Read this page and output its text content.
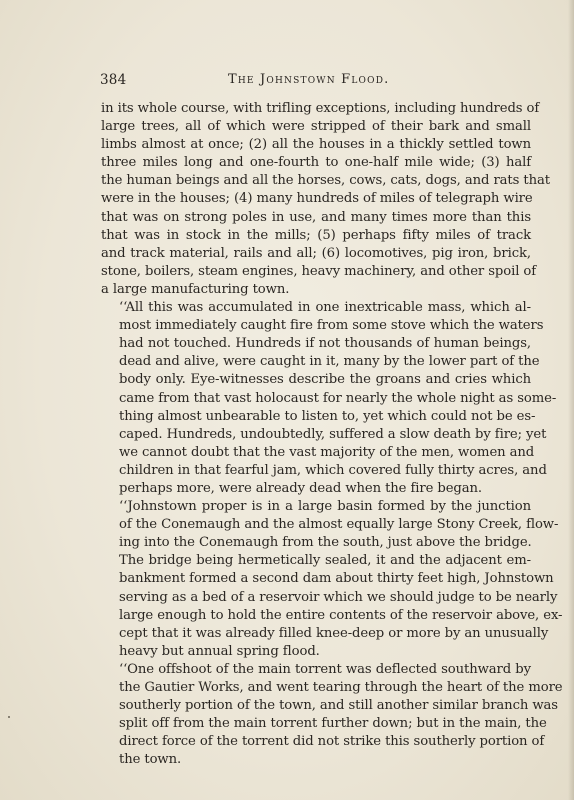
384	The Johnstown Flood.
in its whole course, with trifling exceptions, including hundreds of
large trees, all of which were stripped of their bark and small
limbs almost at once; (2) all the houses in a thickly settled town
three miles long and one-fourth to one-half mile wide; (3) half
the human beings and all the horses, cows, cats, dogs, and rats that
were in the houses; (4) many hundreds of miles of telegraph wire
that was on strong poles in use, and many times more than this
that was in stock in the mills; (5) perhaps fifty miles of track
and track material, rails and all; (6) locomotives, pig iron, brick,
stone, boilers, steam engines, heavy machinery, and other spoil of
a large manufacturing town.
‘‘All this was accumulated in one inextricable mass, which al-
most immediately caught fire from some stove which the waters
had not touched. Hundreds if not thousands of human beings,
dead and alive, were caught in it, many by the lower part of the
body only. Eye-witnesses describe the groans and cries which
came from that vast holocaust for nearly the whole night as some-
thing almost unbearable to listen to, yet which could not be es-
caped. Hundreds, undoubtedly, suffered a slow death by fire; yet
we cannot doubt that the vast majority of the men, women and
children in that fearful jam, which covered fully thirty acres, and
perhaps more, were already dead when the fire began.
‘‘Johnstown proper is in a large basin formed by the junction
of the Conemaugh and the almost equally large Stony Creek, flow-
ing into the Conemaugh from the south, just above the bridge.
The bridge being hermetically sealed, it and the adjacent em-
bankment formed a second dam about thirty feet high, Johnstown
serving as a bed of a reservoir which we should judge to be nearly
large enough to hold the entire contents of the reservoir above, ex-
cept that it was already filled knee-deep or more by an unusually
heavy but annual spring flood.
‘‘One offshoot of the main torrent was deflected southward by
the Gautier Works, and went tearing through the heart of the more
southerly portion of the town, and still another similar branch was
split off from the main torrent further down; but in the main, the
direct force of the torrent did not strike this southerly portion of
the town.
